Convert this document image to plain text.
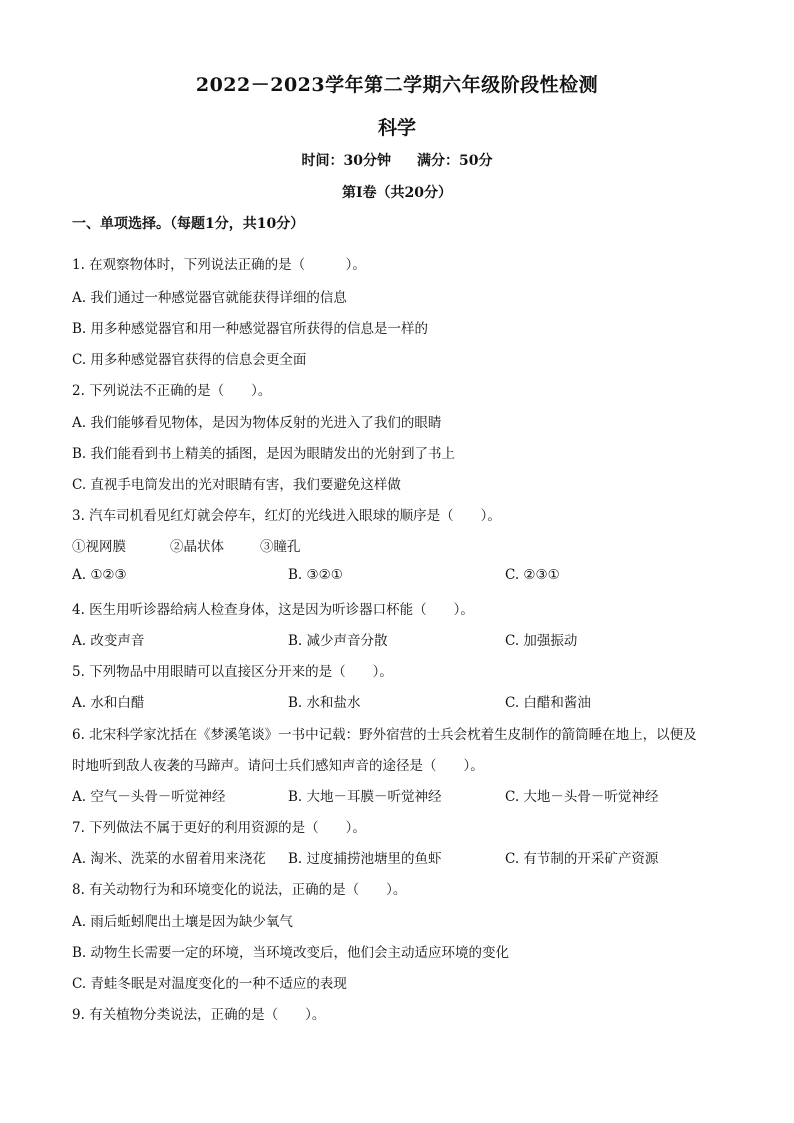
2022－2023学年第二学期六年级阶段性检测
科学
时间：30分钟 满分：50分
第Ⅰ卷（共20分）
一、单项选择。（每题1分，共10分）
1. 在观察物体时，下列说法正确的是（　　　）。
A. 我们通过一种感觉器官就能获得详细的信息
B. 用多种感觉器官和用一种感觉器官所获得的信息是一样的
C. 用多种感觉器官获得的信息会更全面
2. 下列说法不正确的是（　　）。
A. 我们能够看见物体，是因为物体反射的光进入了我们的眼睛
B. 我们能看到书上精美的插图，是因为眼睛发出的光射到了书上
C. 直视手电筒发出的光对眼睛有害，我们要避免这样做
3. 汽车司机看见红灯就会停车，红灯的光线进入眼球的顺序是（　　）。
①视网膜	②晶状体	③瞳孔
A. ①②③	B. ③②①	C. ②③①
4. 医生用听诊器给病人检查身体，这是因为听诊器口杯能（　　）。
A. 改变声音	B. 减少声音分散	C. 加强振动
5. 下列物品中用眼睛可以直接区分开来的是（　　）。
A. 水和白醋	B. 水和盐水	C. 白醋和酱油
6. 北宋科学家沈括在《梦溪笔谈》一书中记载：野外宿营的士兵会枕着生皮制作的箭筒睡在地上，以便及
时地听到敌人夜袭的马蹄声。请问士兵们感知声音的途径是（　　）。
A. 空气－头骨－听觉神经	B. 大地－耳膜－听觉神经	C. 大地－头骨－听觉神经
7. 下列做法不属于更好的利用资源的是（　　）。
A. 淘米、洗菜的水留着用来浇花 B. 过度捕捞池塘里的鱼虾	C. 有节制的开采矿产资源
8. 有关动物行为和环境变化的说法，正确的是（　　）。
A. 雨后蚯蚓爬出土壤是因为缺少氧气
B. 动物生长需要一定的环境，当环境改变后，他们会主动适应环境的变化
C. 青蛙冬眠是对温度变化的一种不适应的表现
9. 有关植物分类说法，正确的是（　　）。
